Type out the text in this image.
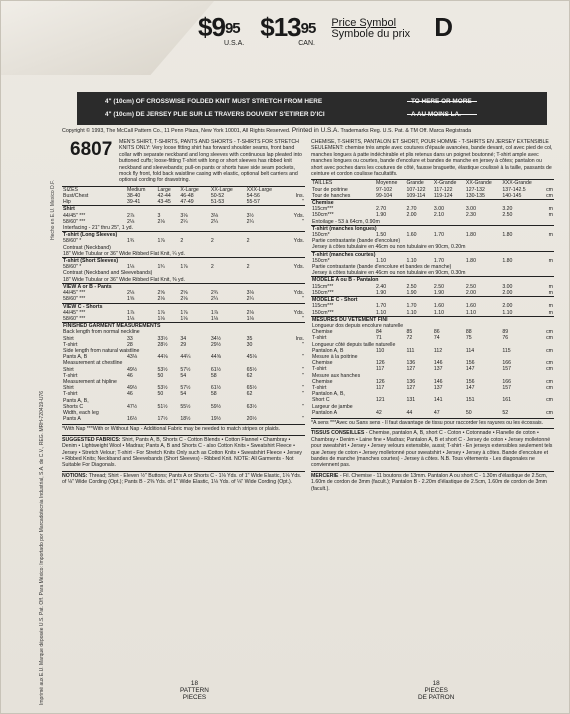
$\$9^{95}$
U.S.A.
$\$13^{95}$
CAN.
Price Symbol
Symbole du prix D
4" (10cm) OF CROSSWISE FOLDED KNIT MUST STRETCH FROM HERE
4" (10cm) DE JERSEY PLIE SUR LE TRAVERS DOUVENT S'ETIRER D'ICI
TO HERE OR MORE
A AU MOINS LA.
Copyright © 1993, The McCall Pattern Co., 11 Penn Plaza, New York 10001, All Rights Reserved. Printed in U.S.A. Trademarks Reg. U.S. Pat. & TM Off. Marca Registrada
Imprimé aux E.U. Marque déposée U.S. Pat. Off. Para México: Importado por Marcadotecnia Industrial, S.A. de C.V., REG. MRH-720419-U76
Hecho en E.U. Mexico D.F.
6807	MEN'S SHIRT, T-SHIRTS, PANTS AND SHORTS - T-SHIRTS FOR STRETCH KNITS ONLY: Very loose fitting shirt has forward shoulder seams, front band collar with separate neckband and long sleeves with continuous lap pleated into buttoned cuffs; loose-fitting T-shirt with long or short sleeves has ribbed knit neckband and sleevebands; pull-on pants or shorts have side seam pockets, mock fly front, fold back waistline casing with elastic, optional belt carriers and optional cording for drawstring.
SIZES	Medium	Large	X-Large	XX-Large	XXX-Large	
Bust/Chest	38-40	42-44	46-48	50-52	54-56	Ins.
Hip	39-41	43-45	47-49	51-53	55-57	"
Shirt						
44/45" ***	2⅞	3	3⅛	3⅛	3½	Yds.
58/60" ***	2⅛	2⅛	2¼	2¼	2¼	"
Interfacing - 21" thru 25", 1 yd.						
T-shirt (Long Sleeves)						
58/60" *	1¾	1⅞	2	2	2	Yds.
Contrast (Neckband)						
18" Wide Tubular or 36" Wide Ribbed Flat Knit, ¼ yd.						
T-shirt (Short Sleeves)						
58/60" *	1⅛	1¾	1⅞	2	2	Yds.
Contrast (Neckband and Sleevebands)						
18" Wide Tubular or 36" Wide Ribbed Flat Knit, ⅜ yd.						
VIEW A or B - Pants						
44/45" ***	2⅛	2⅝	2⅝	2¾	3⅛	Yds.
58/60" ***	1⅝	2⅛	2⅛	2¼	2¼	"
VIEW C - Shorts						
44/45" ***	1⅞	1⅞	1⅞	1⅞	2⅛	Yds.
58/60" ***	1⅛	1⅛	1⅛	1⅛	1⅛	"
FINISHED GARMENT MEASUREMENTS						
Back length from normal neckline						
Shirt	33	33½	34	34½	35	Ins.
T-shirt	28	28½	29	29½	30	"
Side length from natural waistline						
Pants A, B	43⅛	44⅛	44¼	44⅝	45⅛	"
Measurement at chestline						
Shirt	49½	53½	57½	61½	65½	"
T-shirt	46	50	54	58	62	"
Measurement at hipline						
Shirt	49½	53½	57½	61½	65½	"
T-shirt	46	50	54	58	62	"
Pants A, B,						
Shorts C	47½	51½	55½	59½	63½	"
Width, each leg						
Pants A	16½	17½	18½	19½	20½	"
*With Nap ***With or Without Nap - Additional Fabric may be needed to match stripes or plaids.
SUGGESTED FABRICS: Shirt, Pants A, B, Shorts C - Cotton Blends • Cotton Flannel • Chambray • Denim • Lightweight Wool • Madras; Pants A, B and Shorts C - also Cotton Knits • Sweatshirt Fleece • Jersey • Stretch Velour; T-shirt - For Stretch Knits Only such as Cotton Knits • Sweatshirt Fleece • Jersey • Ribbed Knits; Neckband and Sleevebands (Short Sleeves) - Ribbed Knit. NOTE: All Garments - Not Suitable For Diagonals.
NOTIONS: Thread; Shirt - Eleven ½" Buttons; Pants A or Shorts C - 1⅛ Yds. of 1" Wide Elastic, 1⅛ Yds. of ⅛" Wide Cording (Opt.); Pants B - 2⅜ Yds. of 1" Wide Elastic, 1⅛ Yds. of ⅛" Wide Cording (Opt.).
CHEMISE, T-SHIRTS, PANTALON ET SHORT, POUR HOMME - T-SHIRTS EN JERSEY EXTENSIBLE SEULEMENT: chemise très ample avec coutures d'épaule avancées, bande devant, col avec pied de col, manches longues à patte indéchirable et plis retenus dans un poignet boutonné; T-shirt ample avec manches longues ou courtes, bande d'encolure et bandes de manche en jersey à côtes; pantalon ou short avec poches dans les coutures de côté, fausse braguette, élastique coulissé à la taille, passants de ceinture et cordon coulisse facultatifs.
TAILLES	Moyenne	Grande	X-Grande	XX-Grande	XXX-Grande	
Tour de poitrine	97-102	107-122	117-122	127-132	137-142.5	cm
Tour de hanches	99-104	109-114	119-124	130-135	140-145	cm
Chemise						
115cm***	2.70	2.70	3.00	3.00	3.20	m
150cm***	1.90	2.00	2.10	2.30	2.50	m
Entoilage - 53 à 64cm, 0.90m						
T-shirt (manches longues)						
150cm*	1.50	1.60	1.70	1.80	1.80	m
Partie contrastante (bande d'encolure)						
Jersey à côtes tubulaire en 46cm ou non tubulaire en 90cm, 0.20m						
T-shirt (manches courtes)						
150cm*	1.10	1.10	1.70	1.80	1.80	m
Partie contrastante (bande d'encolure et bandes de manche)						
Jersey à côtes tubulaire en 46cm ou non tubulaire en 90cm, 0.30m						
MODELE A ou B - Pantalon						
115cm***	2.40	2.50	2.50	2.50	3.00	m
150cm***	1.90	1.90	1.90	2.00	2.00	m
MODELE C - Short						
115cm***	1.70	1.70	1.60	1.60	2.00	m
150cm***	1.10	1.10	1.10	1.10	1.10	m
MESURES DU VETEMENT FINI						
Longueur dos depuis encolure naturelle						
Chemise	84	85	86	88	89	cm
T-shirt	71	72	74	75	76	cm
Longueur côté depuis taille naturelle						
Pantalon A, B	110	111	112	114	115	cm
Mesure à la poitrine						
Chemise	126	136	146	156	166	cm
T-shirt	117	127	137	147	157	cm
Mesure aux hanches						
Chemise	126	136	146	156	166	cm
T-shirt	117	127	137	147	157	cm
Pantalon A, B,						
Short C	121	131	141	151	161	cm
Largeur de jambe						
Pantalon A	42	44	47	50	52	cm
*A sens ***Avec ou Sans sens - Il faut davantage de tissu pour raccorder les rayures ou les écossais.
TISSUS CONSEILLES - Chemise, pantalon A, B, short C - Coton • Cotonnade • Flanelle de coton • Chambray • Denim • Laine fine • Madras; Pantalon A, B et short C - Jersey de coton • Jersey molletonné pour sweatshirt • Jersey • Jersey velours extensible, aussi; T-shirt - En jerseys extensibles seulement tels que Jersey de coton • Jersey molletonné pour sweatshirt • Jersey • Jersey à côtes. Bande d'encolure et bandes de manche (manches courtes) - Jersey à côtes. N.B. Tous vêtements - Les diagonales ne conviennent pas.
MERCERIE - Fil. Chemise - 11 boutons de 13mm. Pantalon A ou short C - 1.30m d'élastique de 2.5cm, 1.60m de cordon de 3mm (facult.); Pantalon B - 2.20m d'élastique de 2.5cm, 1.60m de cordon de 3mm (facult.).
18
PATTERN
PIECES
18
PIECES
DE PATRON
